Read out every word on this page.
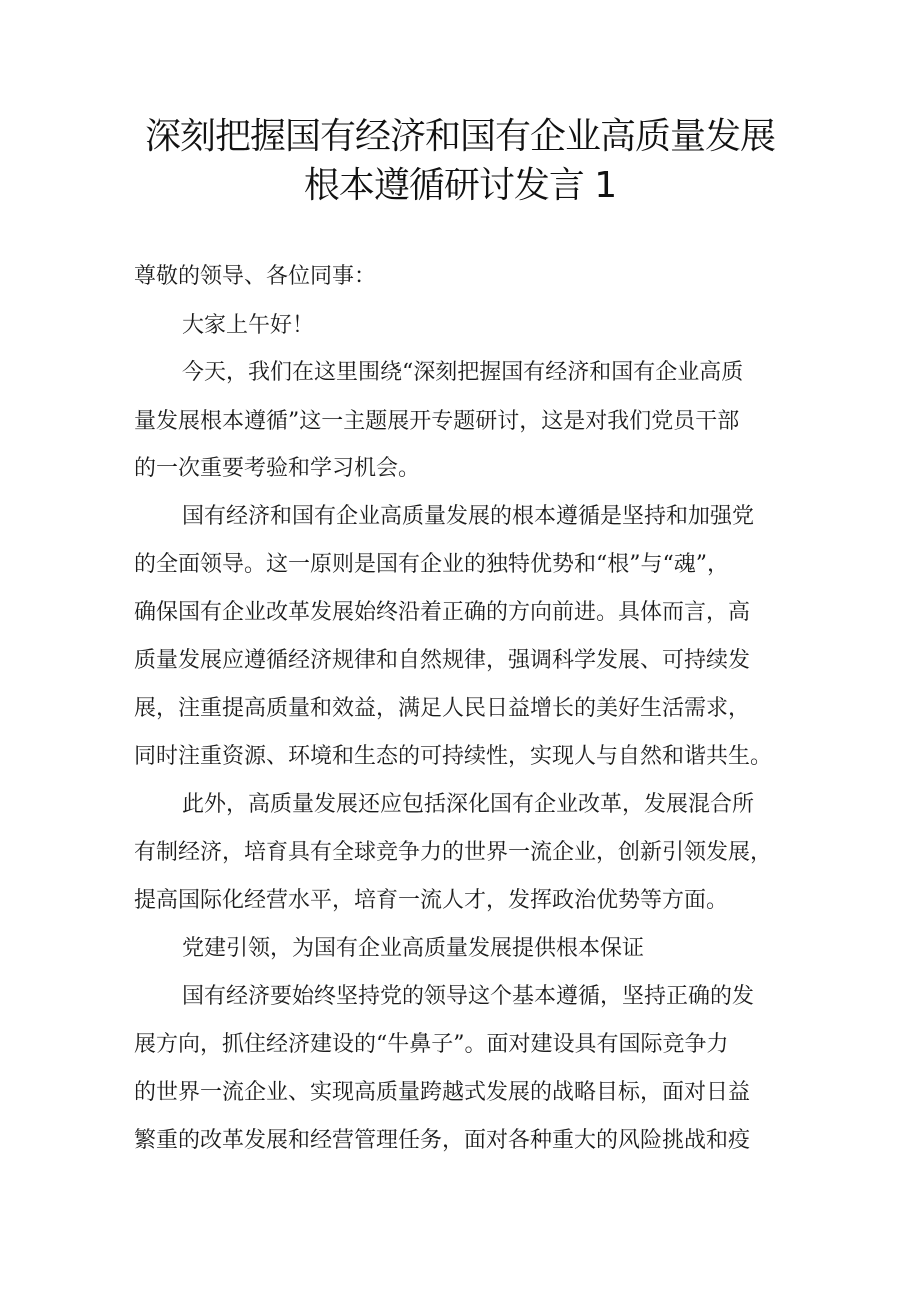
深刻把握国有经济和国有企业高质量发展
根本遵循研讨发言 1
尊敬的领导、各位同事：
大家上午好！
今天，我们在这里围绕“深刻把握国有经济和国有企业高质
量发展根本遵循”这一主题展开专题研讨，这是对我们党员干部
的一次重要考验和学习机会。
国有经济和国有企业高质量发展的根本遵循是坚持和加强党
的全面领导。这一原则是国有企业的独特优势和“根”与“魂”，
确保国有企业改革发展始终沿着正确的方向前进。具体而言，高
质量发展应遵循经济规律和自然规律，强调科学发展、可持续发
展，注重提高质量和效益，满足人民日益增长的美好生活需求，
同时注重资源、环境和生态的可持续性，实现人与自然和谐共生。
此外，高质量发展还应包括深化国有企业改革，发展混合所
有制经济，培育具有全球竞争力的世界一流企业，创新引领发展，
提高国际化经营水平，培育一流人才，发挥政治优势等方面。
党建引领，为国有企业高质量发展提供根本保证
国有经济要始终坚持党的领导这个基本遵循，坚持正确的发
展方向，抓住经济建设的“牛鼻子”。面对建设具有国际竞争力
的世界一流企业、实现高质量跨越式发展的战略目标，面对日益
繁重的改革发展和经营管理任务，面对各种重大的风险挑战和疫
